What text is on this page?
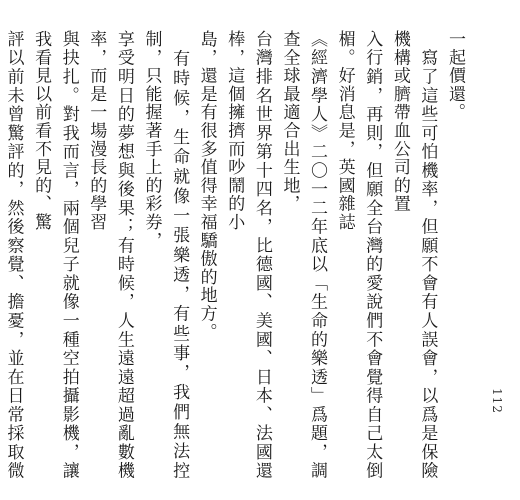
一起價還。

　寫了這些可怕機率，但願不會有人誤會，以爲是保險機構或臍帶血公司的置

入行銷，再則，但願全台灣的愛說們不會覺得自己太倒楣。好消息是，英國雜誌

《經濟學人》二〇一二年底以「生命的樂透」爲題，調查全球最適合出生地，

台灣排名世界第十四名，比德國、美國、日本、法國還棒，這個擁擠而吵鬧的小

島，還是有很多值得幸福驕傲的地方。

　有時候，生命就像一張樂透，有些事，我們無法控制，只能握著手上的彩券，

享受明日的夢想與後果；有時候，人生遠遠超過亂數機率，而是一場漫長的學習

與抉扎。對我而言，兩個兒子就像一種空拍攝影機，讓我看見以前看不見的、驚

評以前未曾驚評的，然後察覺、擔憂，並在日常採取微

112
